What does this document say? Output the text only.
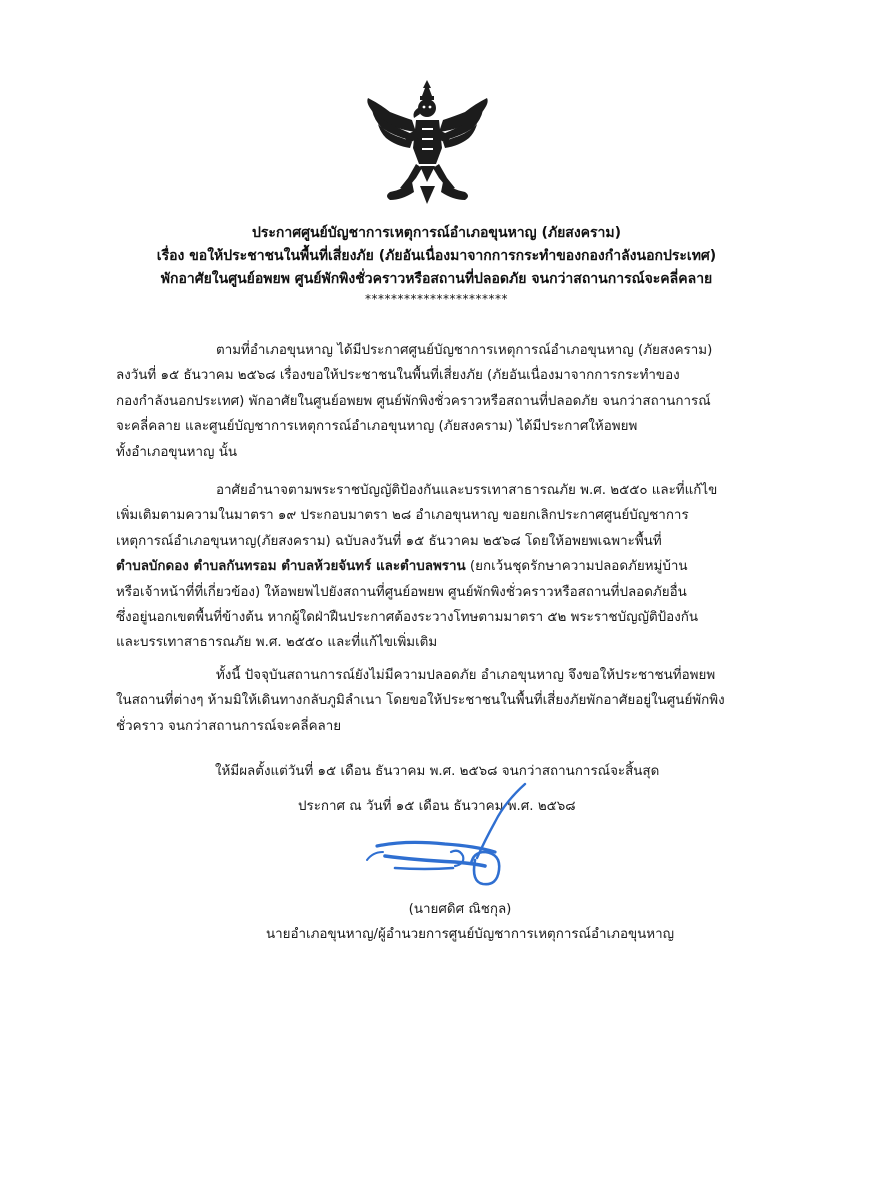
ประกาศศูนย์บัญชาการเหตุการณ์อำเภอขุนหาญ (ภัยสงคราม)
เรื่อง ขอให้ประชาชนในพื้นที่เสี่ยงภัย (ภัยอันเนื่องมาจากการกระทำของกองกำลังนอกประเทศ)
พักอาศัยในศูนย์อพยพ ศูนย์พักพิงชั่วคราวหรือสถานที่ปลอดภัย จนกว่าสถานการณ์จะคลี่คลาย
**********************
ตามที่อำเภอขุนหาญ ได้มีประกาศศูนย์บัญชาการเหตุการณ์อำเภอขุนหาญ (ภัยสงคราม)
ลงวันที่ ๑๕ ธันวาคม ๒๕๖๘ เรื่องขอให้ประชาชนในพื้นที่เสี่ยงภัย (ภัยอันเนื่องมาจากการกระทำของ
กองกำลังนอกประเทศ) พักอาศัยในศูนย์อพยพ ศูนย์พักพิงชั่วคราวหรือสถานที่ปลอดภัย จนกว่าสถานการณ์
จะคลี่คลาย และศูนย์บัญชาการเหตุการณ์อำเภอขุนหาญ (ภัยสงคราม) ได้มีประกาศให้อพยพ
ทั้งอำเภอขุนหาญ นั้น
อาศัยอำนาจตามพระราชบัญญัติป้องกันและบรรเทาสาธารณภัย พ.ศ. ๒๕๕๐ และที่แก้ไข
เพิ่มเติมตามความในมาตรา ๑๙ ประกอบมาตรา ๒๘ อำเภอขุนหาญ ขอยกเลิกประกาศศูนย์บัญชาการ
เหตุการณ์อำเภอขุนหาญ(ภัยสงคราม) ฉบับลงวันที่ ๑๕ ธันวาคม ๒๕๖๘ โดยให้อพยพเฉพาะพื้นที่
ตำบลบักดอง ตำบลกันทรอม ตำบลห้วยจันทร์ และตำบลพราน (ยกเว้นชุดรักษาความปลอดภัยหมู่บ้าน
หรือเจ้าหน้าที่ที่เกี่ยวข้อง) ให้อพยพไปยังสถานที่ศูนย์อพยพ ศูนย์พักพิงชั่วคราวหรือสถานที่ปลอดภัยอื่น
ซึ่งอยู่นอกเขตพื้นที่ข้างต้น หากผู้ใดฝ่าฝืนประกาศต้องระวางโทษตามมาตรา ๕๒ พระราชบัญญัติป้องกัน
และบรรเทาสาธารณภัย พ.ศ. ๒๕๕๐ และที่แก้ไขเพิ่มเติม
ทั้งนี้ ปัจจุบันสถานการณ์ยังไม่มีความปลอดภัย อำเภอขุนหาญ จึงขอให้ประชาชนที่อพยพ
ในสถานที่ต่างๆ ห้ามมิให้เดินทางกลับภูมิลำเนา โดยขอให้ประชาชนในพื้นที่เสี่ยงภัยพักอาศัยอยู่ในศูนย์พักพิง
ชั่วคราว จนกว่าสถานการณ์จะคลี่คลาย
ให้มีผลตั้งแต่วันที่ ๑๕ เดือน ธันวาคม พ.ศ. ๒๕๖๘ จนกว่าสถานการณ์จะสิ้นสุด
ประกาศ ณ วันที่ ๑๕ เดือน ธันวาคม พ.ศ. ๒๕๖๘
(นายศดิศ ณิชกุล)
นายอำเภอขุนหาญ/ผู้อำนวยการศูนย์บัญชาการเหตุการณ์อำเภอขุนหาญ
